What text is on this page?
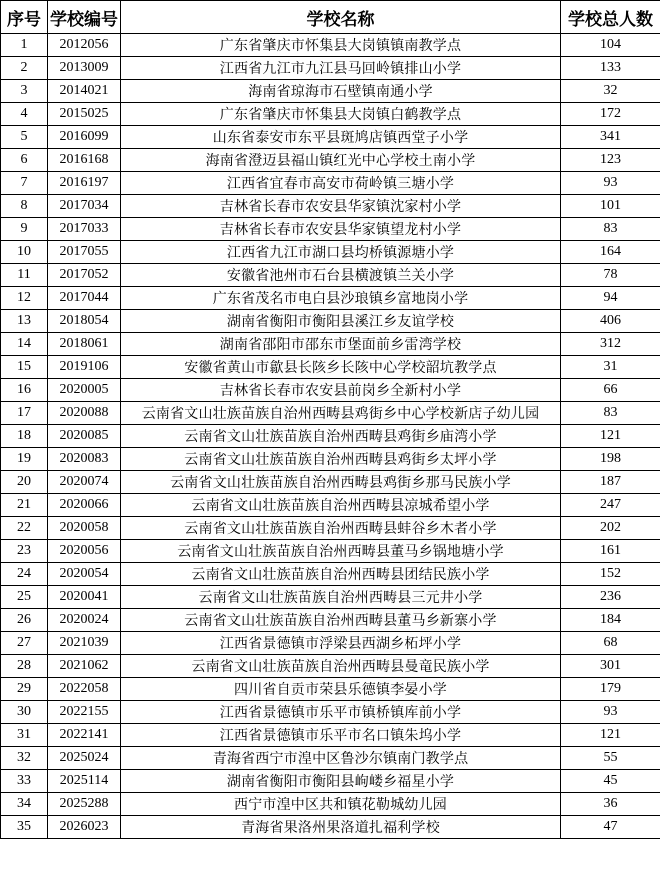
序号	学校编号	学校名称	学校总人数
1	2012056	广东省肇庆市怀集县大岗镇镇南教学点	104
2	2013009	江西省九江市九江县马回岭镇排山小学	133
3	2014021	海南省琼海市石壁镇南通小学	32
4	2015025	广东省肇庆市怀集县大岗镇白鹤教学点	172
5	2016099	山东省泰安市东平县斑鸠店镇西堂子小学	341
6	2016168	海南省澄迈县福山镇红光中心学校土南小学	123
7	2016197	江西省宜春市高安市荷岭镇三塘小学	93
8	2017034	吉林省长春市农安县华家镇沈家村小学	101
9	2017033	吉林省长春市农安县华家镇望龙村小学	83
10	2017055	江西省九江市湖口县均桥镇源塘小学	164
11	2017052	安徽省池州市石台县横渡镇兰关小学	78
12	2017044	广东省茂名市电白县沙琅镇乡富地岗小学	94
13	2018054	湖南省衡阳市衡阳县溪江乡友谊学校	406
14	2018061	湖南省邵阳市邵东市堡面前乡雷湾学校	312
15	2019106	安徽省黄山市歙县长陔乡长陔中心学校韶坑教学点	31
16	2020005	吉林省长春市农安县前岗乡全新村小学	66
17	2020088	云南省文山壮族苗族自治州西畴县鸡街乡中心学校新店子幼儿园	83
18	2020085	云南省文山壮族苗族自治州西畴县鸡街乡庙湾小学	121
19	2020083	云南省文山壮族苗族自治州西畴县鸡街乡太坪小学	198
20	2020074	云南省文山壮族苗族自治州西畴县鸡街乡那马民族小学	187
21	2020066	云南省文山壮族苗族自治州西畴县凉城希望小学	247
22	2020058	云南省文山壮族苗族自治州西畴县蚌谷乡木者小学	202
23	2020056	云南省文山壮族苗族自治州西畴县董马乡锅地塘小学	161
24	2020054	云南省文山壮族苗族自治州西畴县团结民族小学	152
25	2020041	云南省文山壮族苗族自治州西畴县三元井小学	236
26	2020024	云南省文山壮族苗族自治州西畴县董马乡新寨小学	184
27	2021039	江西省景德镇市浮梁县西湖乡柘坪小学	68
28	2021062	云南省文山壮族苗族自治州西畴县曼竜民族小学	301
29	2022058	四川省自贡市荣县乐德镇李晏小学	179
30	2022155	江西省景德镇市乐平市镇桥镇库前小学	93
31	2022141	江西省景德镇市乐平市名口镇朱坞小学	121
32	2025024	青海省西宁市湟中区鲁沙尔镇南门教学点	55
33	2025114	湖南省衡阳市衡阳县岣嵝乡福星小学	45
34	2025288	西宁市湟中区共和镇花勒城幼儿园	36
35	2026023	青海省果洛州果洛道扎福利学校	47
